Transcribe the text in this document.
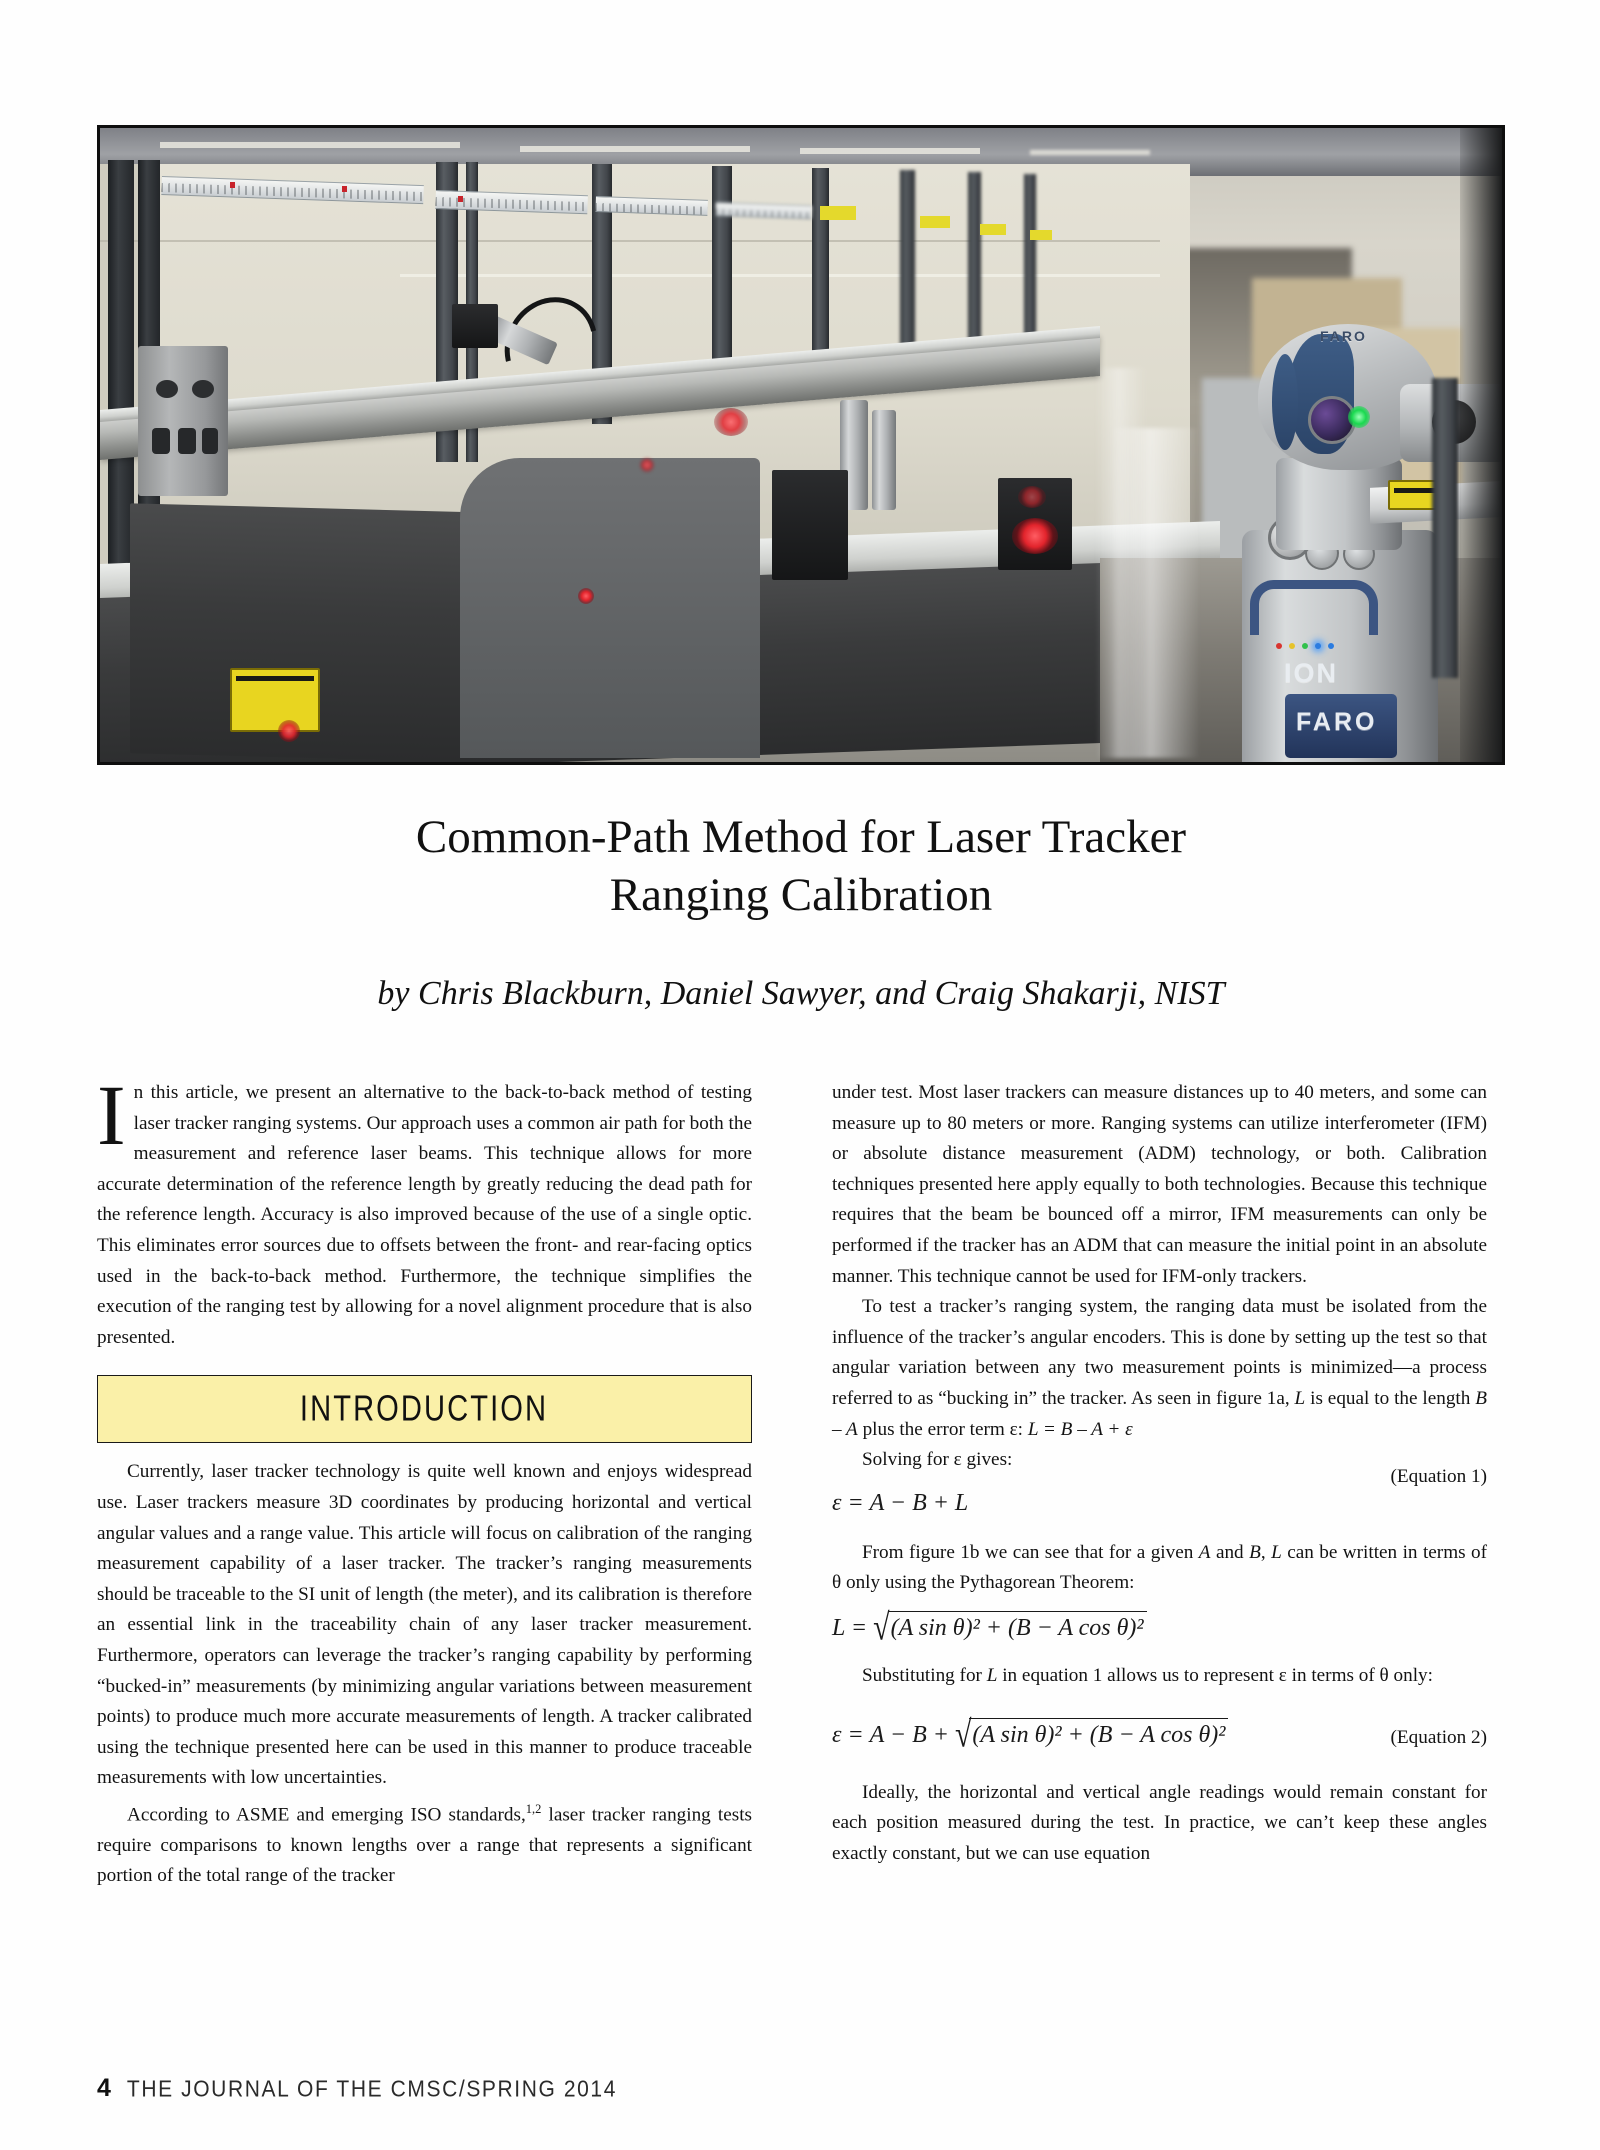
FARO
ION
FARO
Common-Path Method for Laser Tracker
Ranging Calibration
by Chris Blackburn, Daniel Sawyer, and Craig Shakarji, NIST

In this article, we present an alternative to the back-to-back method of testing laser tracker ranging systems. Our approach uses a common air path for both the measurement and reference laser beams. This technique allows for more accurate determination of the reference length by greatly reducing the dead path for the reference length. Accuracy is also improved because of the use of a single optic. This eliminates error sources due to offsets between the front- and rear-facing optics used in the back-to-back method. Furthermore, the technique simplifies the execution of the ranging test by allowing for a novel alignment procedure that is also presented.

INTRODUCTION

Currently, laser tracker technology is quite well known and enjoys widespread use. Laser trackers measure 3D coordinates by producing horizontal and vertical angular values and a range value. This article will focus on calibration of the ranging measurement capability of a laser tracker. The tracker’s ranging measurements should be traceable to the SI unit of length (the meter), and its calibration is therefore an essential link in the traceability chain of any laser tracker measurement. Furthermore, operators can leverage the tracker’s ranging capability by performing “bucked-in” measurements (by minimizing angular variations between measurement points) to produce much more accurate measurements of length. A tracker calibrated using the technique presented here can be used in this manner to produce traceable measurements with low uncertainties.

According to ASME and emerging ISO standards,$^{1,2}$ laser tracker ranging tests require comparisons to known lengths over a range that represents a significant portion of the total range of the tracker

under test. Most laser trackers can measure distances up to 40 meters, and some can measure up to 80 meters or more. Ranging systems can utilize interferometer (IFM) or absolute distance measurement (ADM) technology, or both. Calibration techniques presented here apply equally to both technologies. Because this technique requires that the beam be bounced off a mirror, IFM measurements can only be performed if the tracker has an ADM that can measure the initial point in an absolute manner. This technique cannot be used for IFM-only trackers.

To test a tracker’s ranging system, the ranging data must be isolated from the influence of the tracker’s angular encoders. This is done by setting up the test so that angular variation between any two measurement points is minimized—a process referred to as “bucking in” the tracker. As seen in figure 1a, L is equal to the length B – A plus the error term ε: L = B – A + ε

Solving for ε gives:

ε = A − B + L
(Equation 1)

From figure 1b we can see that for a given A and B, L can be written in terms of θ only using the Pythagorean Theorem:

L = √(A sin θ)² + (B − A cos θ)²

Substituting for L in equation 1 allows us to represent ε in terms of θ only:

ε = A − B + √(A sin θ)² + (B − A cos θ)²	(Equation 2)

Ideally, the horizontal and vertical angle readings would remain constant for each position measured during the test. In practice, we can’t keep these angles exactly constant, but we can use equation

4 THE JOURNAL OF THE CMSC/SPRING 2014
